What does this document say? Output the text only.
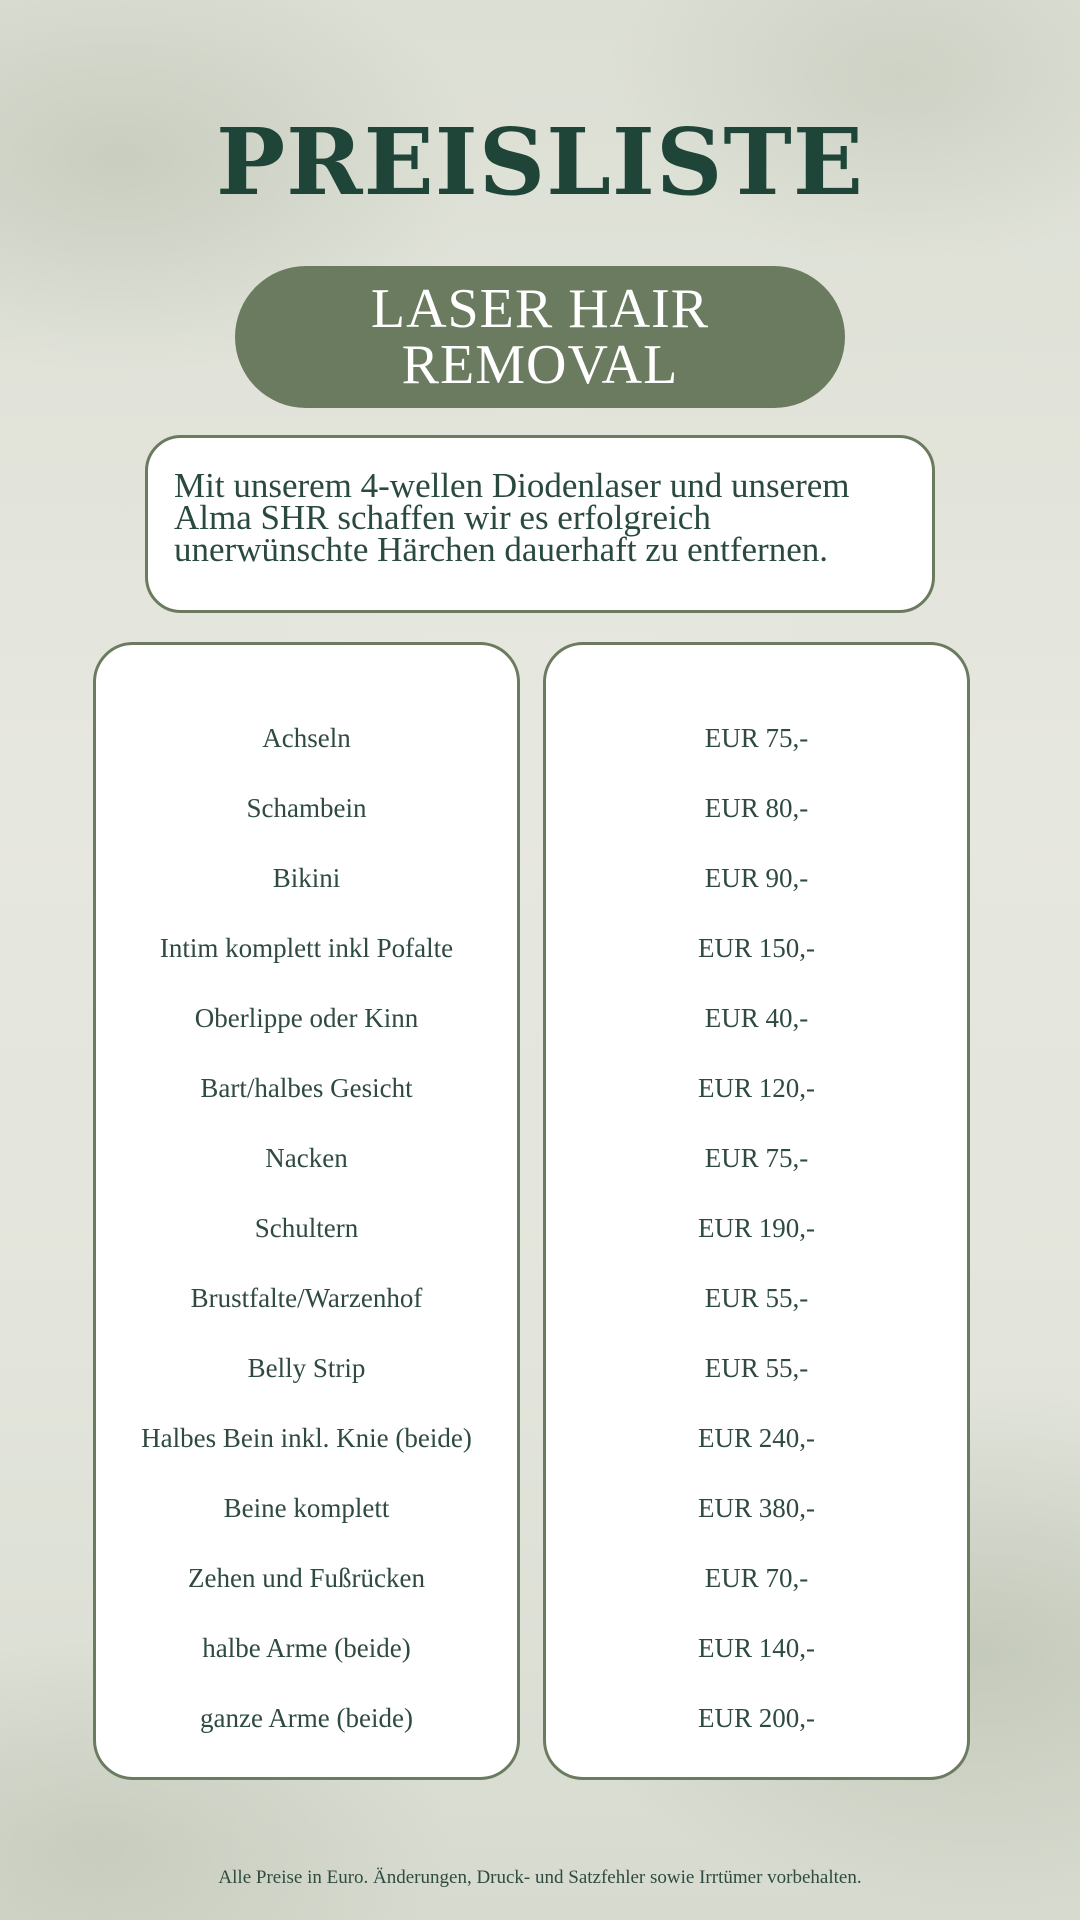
PREISLISTE
LASER HAIR
REMOVAL
Mit unserem 4-wellen Diodenlaser und unserem
Alma SHR schaffen wir es erfolgreich
unerwünschte Härchen dauerhaft zu entfernen.
Achseln
Schambein
Bikini
Intim komplett inkl Pofalte
Oberlippe oder Kinn
Bart/halbes Gesicht
Nacken
Schultern
Brustfalte/Warzenhof
Belly Strip
Halbes Bein inkl. Knie (beide)
Beine komplett
Zehen und Fußrücken
halbe Arme (beide)
ganze Arme (beide)
EUR 75,-
EUR 80,-
EUR 90,-
EUR 150,-
EUR 40,-
EUR 120,-
EUR 75,-
EUR 190,-
EUR 55,-
EUR 55,-
EUR 240,-
EUR 380,-
EUR 70,-
EUR 140,-
EUR 200,-
Alle Preise in Euro. Änderungen, Druck- und Satzfehler sowie Irrtümer vorbehalten.
